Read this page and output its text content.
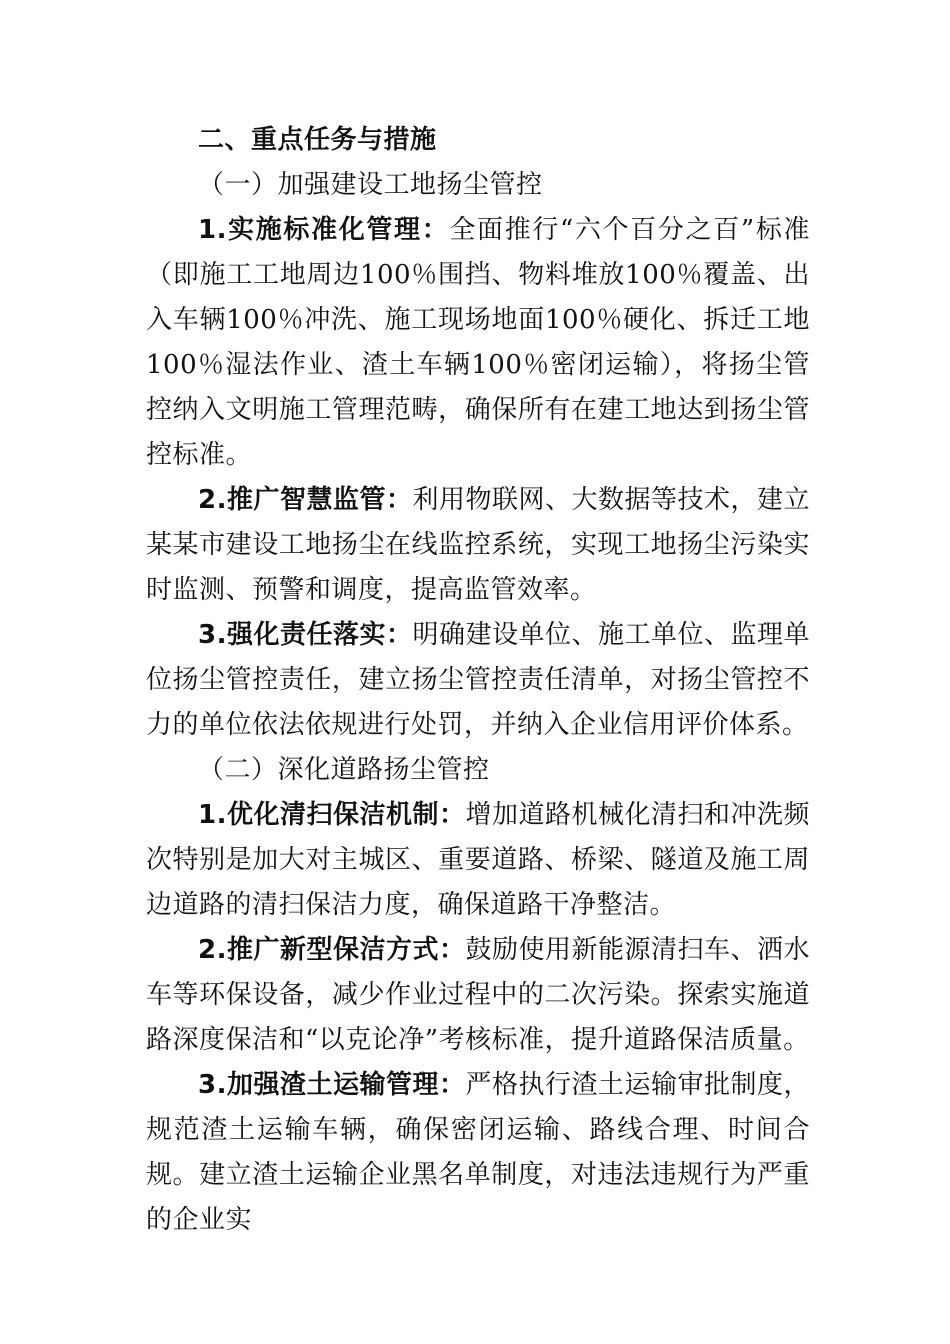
二、重点任务与措施

（一）加强建设工地扬尘管控

1.实施标准化管理：全面推行“六个百分之百”标准（即施工工地周边100％围挡、物料堆放100％覆盖、出入车辆100％冲洗、施工现场地面100％硬化、拆迁工地100％湿法作业、渣土车辆100％密闭运输），将扬尘管控纳入文明施工管理范畴，确保所有在建工地达到扬尘管控标准。

2.推广智慧监管：利用物联网、大数据等技术，建立某某市建设工地扬尘在线监控系统，实现工地扬尘污染实时监测、预警和调度，提高监管效率。

3.强化责任落实：明确建设单位、施工单位、监理单位扬尘管控责任，建立扬尘管控责任清单，对扬尘管控不力的单位依法依规进行处罚，并纳入企业信用评价体系。

（二）深化道路扬尘管控

1.优化清扫保洁机制：增加道路机械化清扫和冲洗频次特别是加大对主城区、重要道路、桥梁、隧道及施工周边道路的清扫保洁力度，确保道路干净整洁。

2.推广新型保洁方式：鼓励使用新能源清扫车、洒水车等环保设备，减少作业过程中的二次污染。探索实施道路深度保洁和“以克论净”考核标准，提升道路保洁质量。

3.加强渣土运输管理：严格执行渣土运输审批制度，规范渣土运输车辆，确保密闭运输、路线合理、时间合规。建立渣土运输企业黑名单制度，对违法违规行为严重的企业实
